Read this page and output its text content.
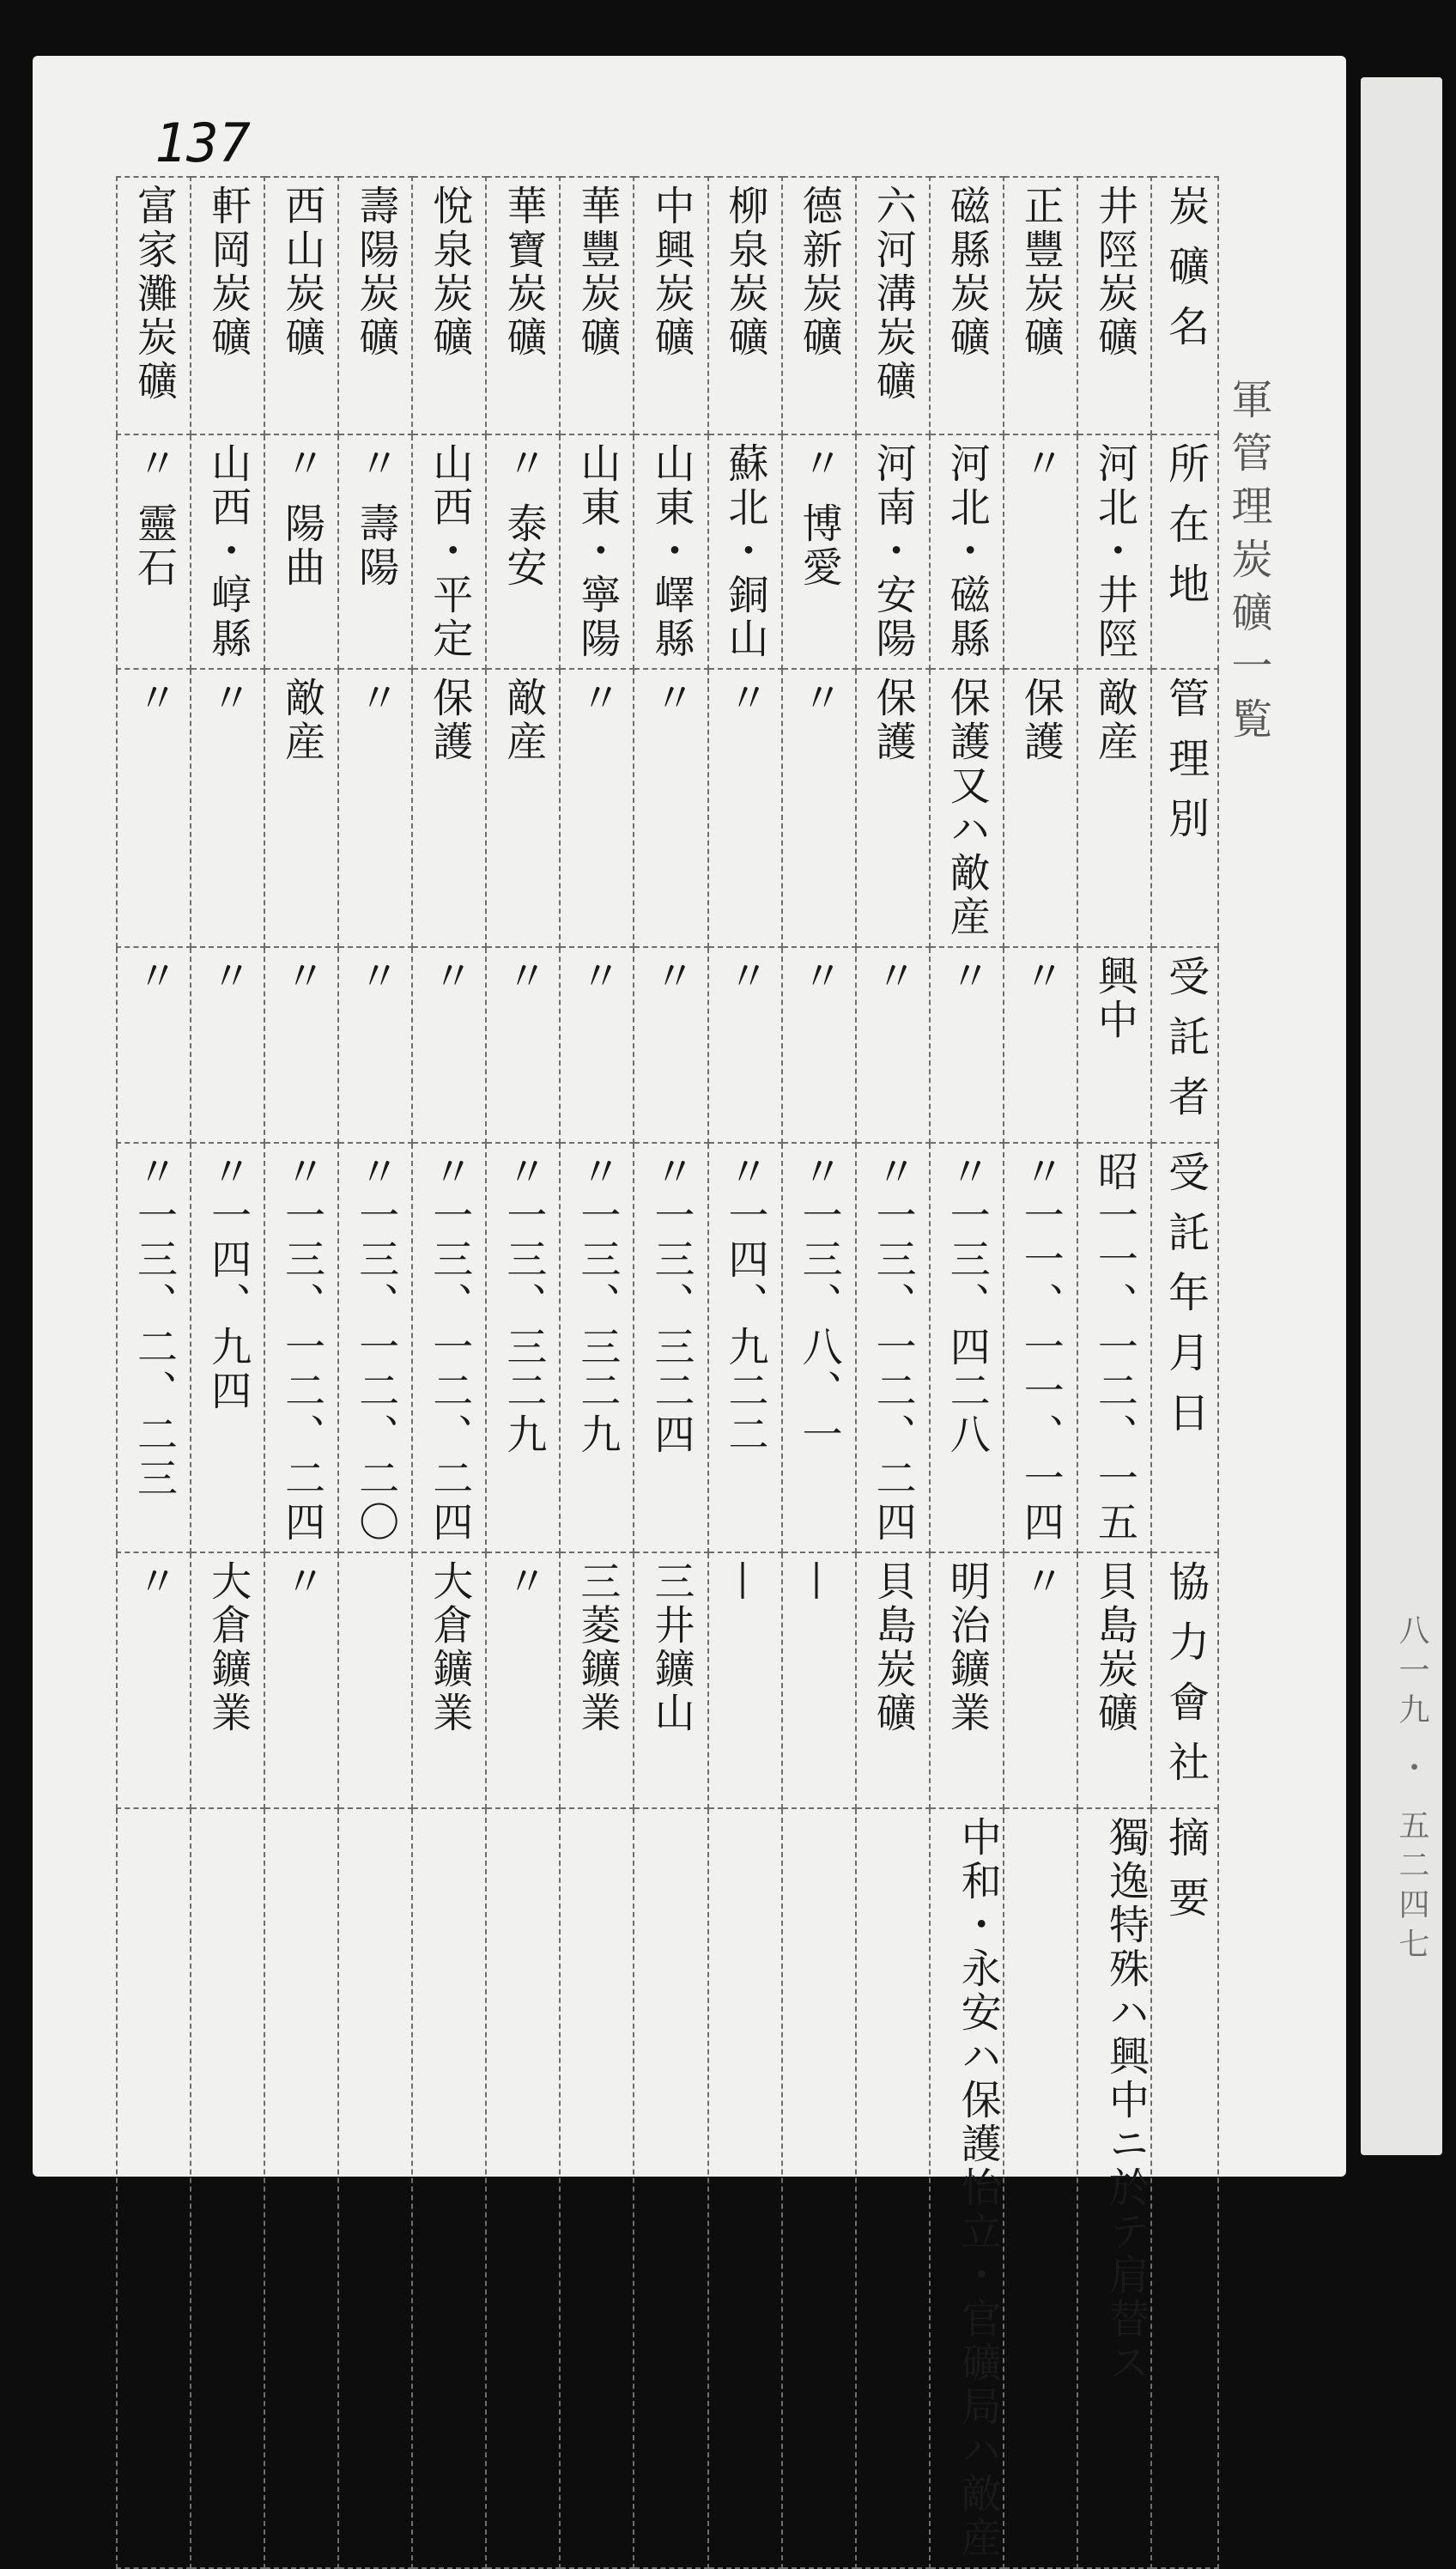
八一九 ・ 五二四七
137
軍管理炭礦一覧
富家灘炭礦	軒岡炭礦	西山炭礦	壽陽炭礦	悅泉炭礦	華寶炭礦	華豐炭礦	中興炭礦	柳泉炭礦	德新炭礦	六河溝炭礦	磁縣炭礦	正豐炭礦	井陘炭礦	炭礦名

〃 靈石	山西・崞縣	〃 陽曲	〃 壽陽	山西・平定	〃 泰安	山東・寧陽	山東・嶧縣	蘇北・銅山	〃 博愛	河南・安陽	河北・磁縣	〃	河北・井陘	所在地

〃	〃	敵産	〃	保護	敵産	〃	〃	〃	〃	保護	保護又ハ敵産	保護	敵産	管理別

〃	〃	〃	〃	〃	〃	〃	〃	〃	〃	〃	〃	〃	興中	受託者

〃一三、二、二三	〃一四、九四	〃一三、一二、二四	〃一三、一二、二〇	〃一三、一二、二四	〃一三、三二九	〃一三、三二九	〃一三、三二四	〃一四、九二二	〃一三、八、一	〃一三、一二、二四	〃一三、四二八	〃一一、一一、一四	昭一一、一二、一五	受託年月日

〃	大倉鑛業	〃		大倉鑛業	〃	三菱鑛業	三井鑛山	—	—	貝島炭礦	明治鑛業	〃	貝島炭礦	協力會社

											中和・永安ハ保護怡立・官礦局ハ敵産		獨逸特殊ハ興中ニ於テ肩替ス	摘要
